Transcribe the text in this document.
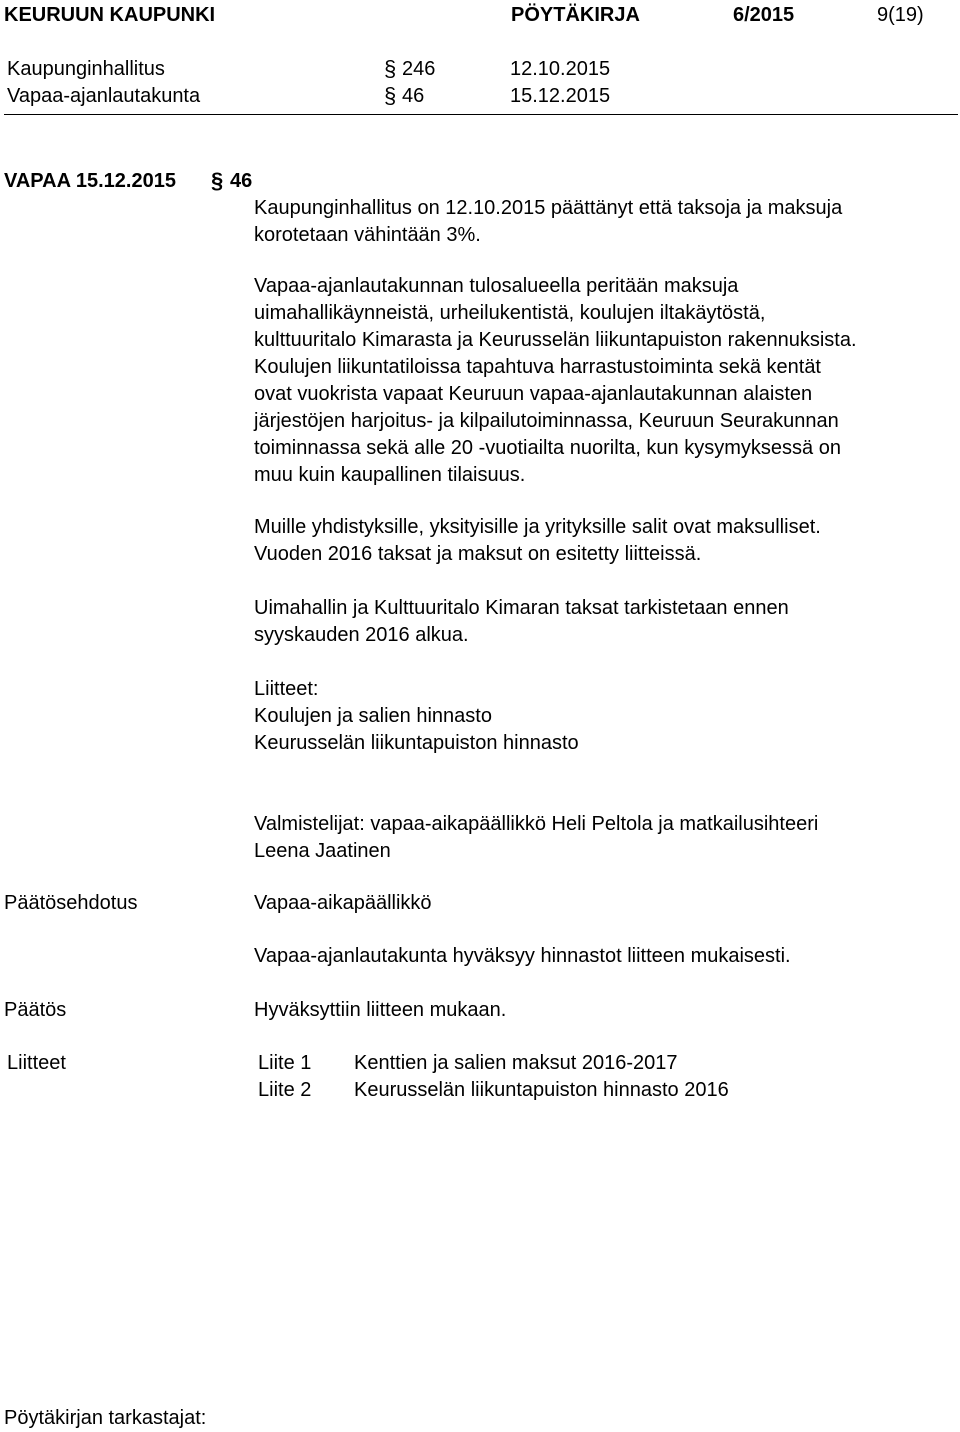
KEURUUN KAUPUNKI	PÖYTÄKIRJA	6/2015	9(19)
Kaupunginhallitus	§ 246	12.10.2015
Vapaa-ajanlautakunta	§ 46	15.12.2015
VAPAA 15.12.2015 § 46
Kaupunginhallitus on 12.10.2015 päättänyt että taksoja ja maksuja
korotetaan vähintään 3%.
Vapaa-ajanlautakunnan tulosalueella peritään maksuja
uimahallikäynneistä, urheilukentistä, koulujen iltakäytöstä,
kulttuuritalo Kimarasta ja Keurusselän liikuntapuiston rakennuksista.
Koulujen liikuntatiloissa tapahtuva harrastustoiminta sekä kentät
ovat vuokrista vapaat Keuruun vapaa-ajanlautakunnan alaisten
järjestöjen harjoitus- ja kilpailutoiminnassa, Keuruun Seurakunnan
toiminnassa sekä alle 20 -vuotiailta nuorilta, kun kysymyksessä on
muu kuin kaupallinen tilaisuus.
Muille yhdistyksille, yksityisille ja yrityksille salit ovat maksulliset.
Vuoden 2016 taksat ja maksut on esitetty liitteissä.
Uimahallin ja Kulttuuritalo Kimaran taksat tarkistetaan ennen
syyskauden 2016 alkua.
Liitteet:
Koulujen ja salien hinnasto
Keurusselän liikuntapuiston hinnasto
Valmistelijat: vapaa-aikapäällikkö Heli Peltola ja matkailusihteeri
Leena Jaatinen
Päätösehdotus	Vapaa-aikapäällikkö
Vapaa-ajanlautakunta hyväksyy hinnastot liitteen mukaisesti.
Päätös	Hyväksyttiin liitteen mukaan.
Liitteet	Liite 1 Kenttien ja salien maksut 2016-2017
Liite 2 Keurusselän liikuntapuiston hinnasto 2016
Pöytäkirjan tarkastajat:
